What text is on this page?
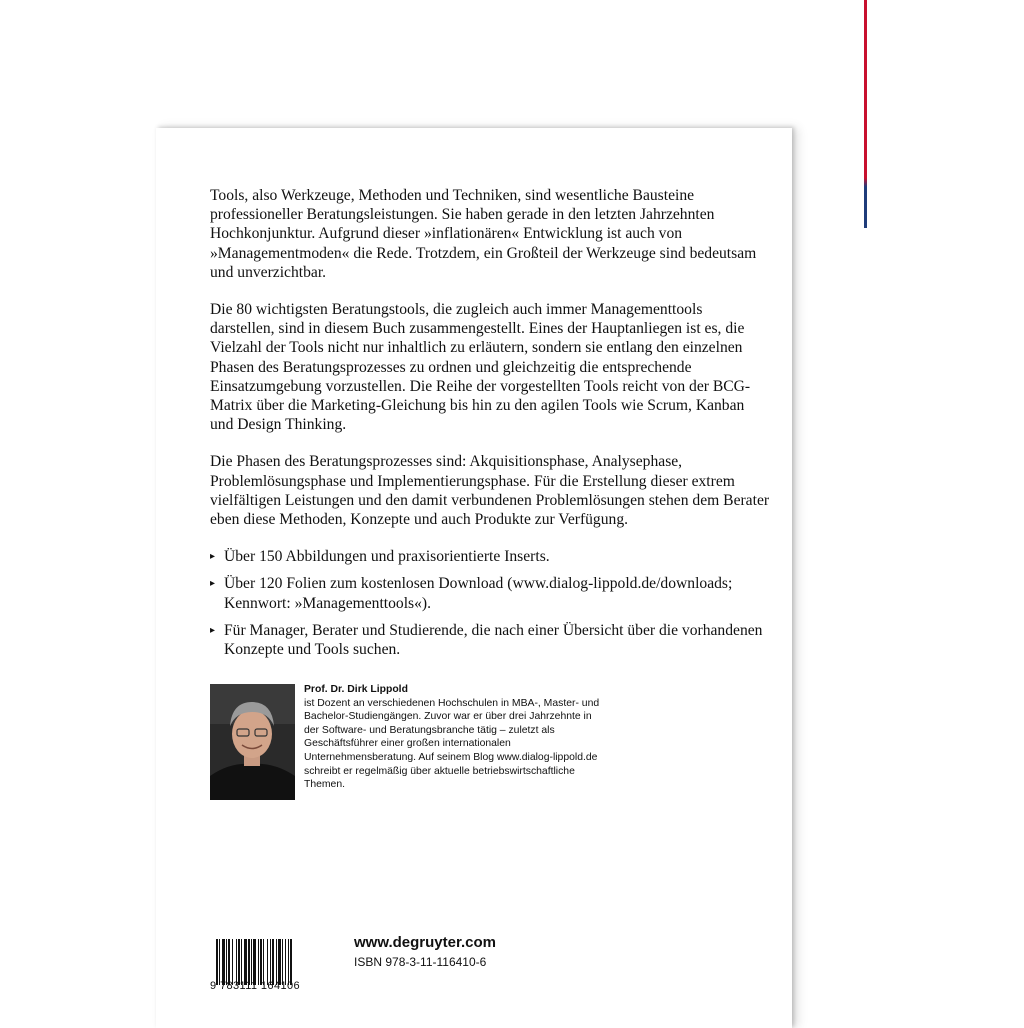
Tools, also Werkzeuge, Methoden und Techniken, sind wesentliche Bausteine professioneller Beratungsleistungen. Sie haben gerade in den letzten Jahrzehnten Hochkonjunktur. Aufgrund dieser »inflationären« Entwicklung ist auch von »Managementmoden« die Rede. Trotzdem, ein Großteil der Werkzeuge sind bedeutsam und unverzichtbar.

Die 80 wichtigsten Beratungstools, die zugleich auch immer Managementtools darstellen, sind in diesem Buch zusammengestellt. Eines der Hauptanliegen ist es, die Vielzahl der Tools nicht nur inhaltlich zu erläutern, sondern sie entlang den einzelnen Phasen des Beratungsprozesses zu ordnen und gleichzeitig die entsprechende Einsatzumgebung vorzustellen. Die Reihe der vorgestellten Tools reicht von der BCG-Matrix über die Marketing-Gleichung bis hin zu den agilen Tools wie Scrum, Kanban und Design Thinking.

Die Phasen des Beratungsprozesses sind: Akquisitionsphase, Analysephase, Problemlösungsphase und Implementierungsphase. Für die Erstellung dieser extrem vielfältigen Leistungen und den damit verbundenen Problemlösungen stehen dem Berater eben diese Methoden, Konzepte und auch Produkte zur Verfügung.

▸ Über 150 Abbildungen und praxisorientierte Inserts.
▸ Über 120 Folien zum kostenlosen Download (www.dialog-lippold.de/downloads; Kennwort: »Managementtools«).
▸ Für Manager, Berater und Studierende, die nach einer Übersicht über die vorhandenen Konzepte und Tools suchen.
Prof. Dr. Dirk Lippold
ist Dozent an verschiedenen Hochschulen in MBA-, Master- und Bachelor-Studiengängen. Zuvor war er über drei Jahrzehnte in der Software- und Beratungsbranche tätig – zuletzt als Geschäftsführer einer großen internationalen Unternehmensberatung. Auf seinem Blog www.dialog-lippold.de schreibt er regelmäßig über aktuelle betriebswirtschaftliche Themen.
9 783111 164106
www.degruyter.com
ISBN 978-3-11-116410-6
